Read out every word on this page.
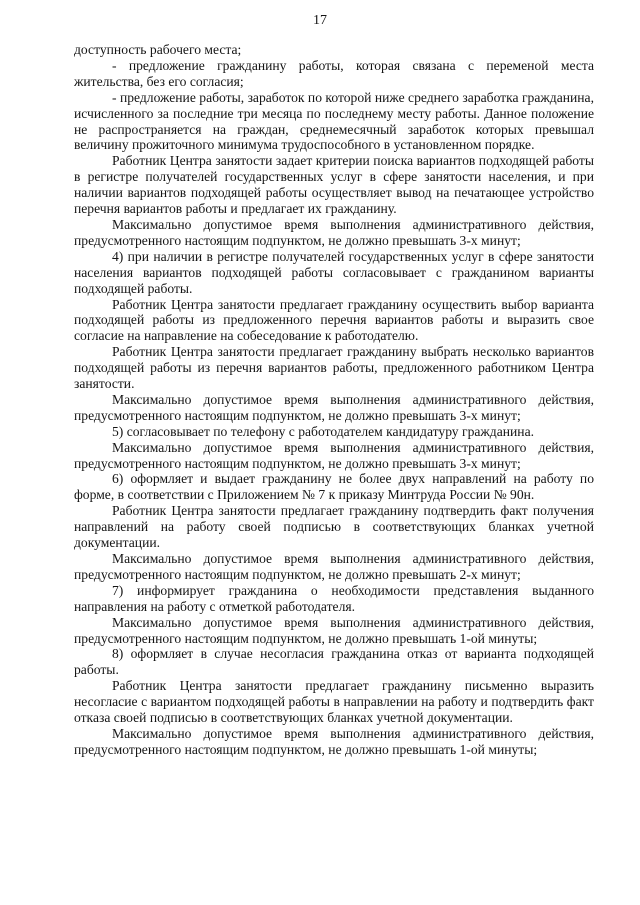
17

доступность рабочего места;

- предложение гражданину работы, которая связана с переменой места жительства, без его согласия;

- предложение работы, заработок по которой ниже среднего заработка гражданина, исчисленного за последние три месяца по последнему месту работы. Данное положение не распространяется на граждан, среднемесячный заработок которых превышал величину прожиточного минимума трудоспособного в установленном порядке.

Работник Центра занятости задает критерии поиска вариантов подходящей работы в регистре получателей государственных услуг в сфере занятости населения, и при наличии вариантов подходящей работы осуществляет вывод на печатающее устройство перечня вариантов работы и предлагает их гражданину.

Максимально допустимое время выполнения административного действия, предусмотренного настоящим подпунктом, не должно превышать 3-х минут;

4) при наличии в регистре получателей государственных услуг в сфере занятости населения вариантов подходящей работы согласовывает с гражданином варианты подходящей работы.

Работник Центра занятости предлагает гражданину осуществить выбор варианта подходящей работы из предложенного перечня вариантов работы и выразить свое согласие на направление на собеседование к работодателю.

Работник Центра занятости предлагает гражданину выбрать несколько вариантов подходящей работы из перечня вариантов работы, предложенного работником Центра занятости.

Максимально допустимое время выполнения административного действия, предусмотренного настоящим подпунктом, не должно превышать 3-х минут;

5) согласовывает по телефону с работодателем кандидатуру гражданина.

Максимально допустимое время выполнения административного действия, предусмотренного настоящим подпунктом, не должно превышать 3-х минут;

6) оформляет и выдает гражданину не более двух направлений на работу по форме, в соответствии с Приложением № 7 к приказу Минтруда России № 90н.

Работник Центра занятости предлагает гражданину подтвердить факт получения направлений на работу своей подписью в соответствующих бланках учетной документации.

Максимально допустимое время выполнения административного действия, предусмотренного настоящим подпунктом, не должно превышать 2-х минут;

7) информирует гражданина о необходимости представления выданного направления на работу с отметкой работодателя.

Максимально допустимое время выполнения административного действия, предусмотренного настоящим подпунктом, не должно превышать 1-ой минуты;

8) оформляет в случае несогласия гражданина отказ от варианта подходящей работы.

Работник Центра занятости предлагает гражданину письменно выразить несогласие с вариантом подходящей работы в направлении на работу и подтвердить факт отказа своей подписью в соответствующих бланках учетной документации.

Максимально допустимое время выполнения административного действия, предусмотренного настоящим подпунктом, не должно превышать 1-ой минуты;
